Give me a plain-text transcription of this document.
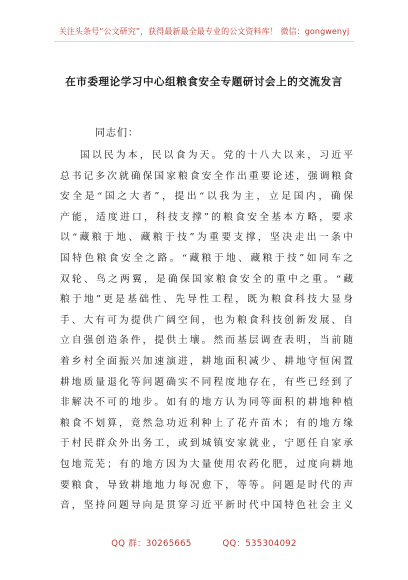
关注头条号“公文研究”，获得最新最全最专业的公文资料库！ 微信：gongwenyj
在市委理论学习中心组粮食安全专题研讨会上的交流发言
同志们：
国以民为本，民以食为天。党的十八大以来，习近平
总书记多次就确保国家粮食安全作出重要论述，强调粮食
安全是“国之大者”，提出“以我为主，立足国内，确保
产能，适度进口，科技支撑”的粮食安全基本方略，要求
以“藏粮于地、藏粮于技”为重要支撑，坚决走出一条中
国特色粮食安全之路。“藏粮于地、藏粮于技”如同车之
双轮、鸟之两翼，是确保国家粮食安全的重中之重。“藏
粮于地”更是基础性、先导性工程，既为粮食科技大显身
手、大有可为提供广阔空间，也为粮食科技创新发展、自
立自强创造条件，提供土壤。然而基层调查表明，当前随
着乡村全面振兴加速演进，耕地面积减少、耕地守恒闲置
耕地质量退化等问题确实不同程度地存在，有些已经到了
非解决不可的地步。如有的地方认为同等面积的耕地种植
粮食不划算，竟然急功近利种上了花卉苗木；有的地方缘
于村民群众外出务工，或到城镇安家就业，宁愿任自家承
包地荒芜；有的地方因为大量使用农药化肥，过度向耕地
要粮食，导致耕地地力每况愈下，等等。问题是时代的声
音，坚持问题导向是贯穿习近平新时代中国特色社会主义
QQ 群：30265665	QQ：535304092
